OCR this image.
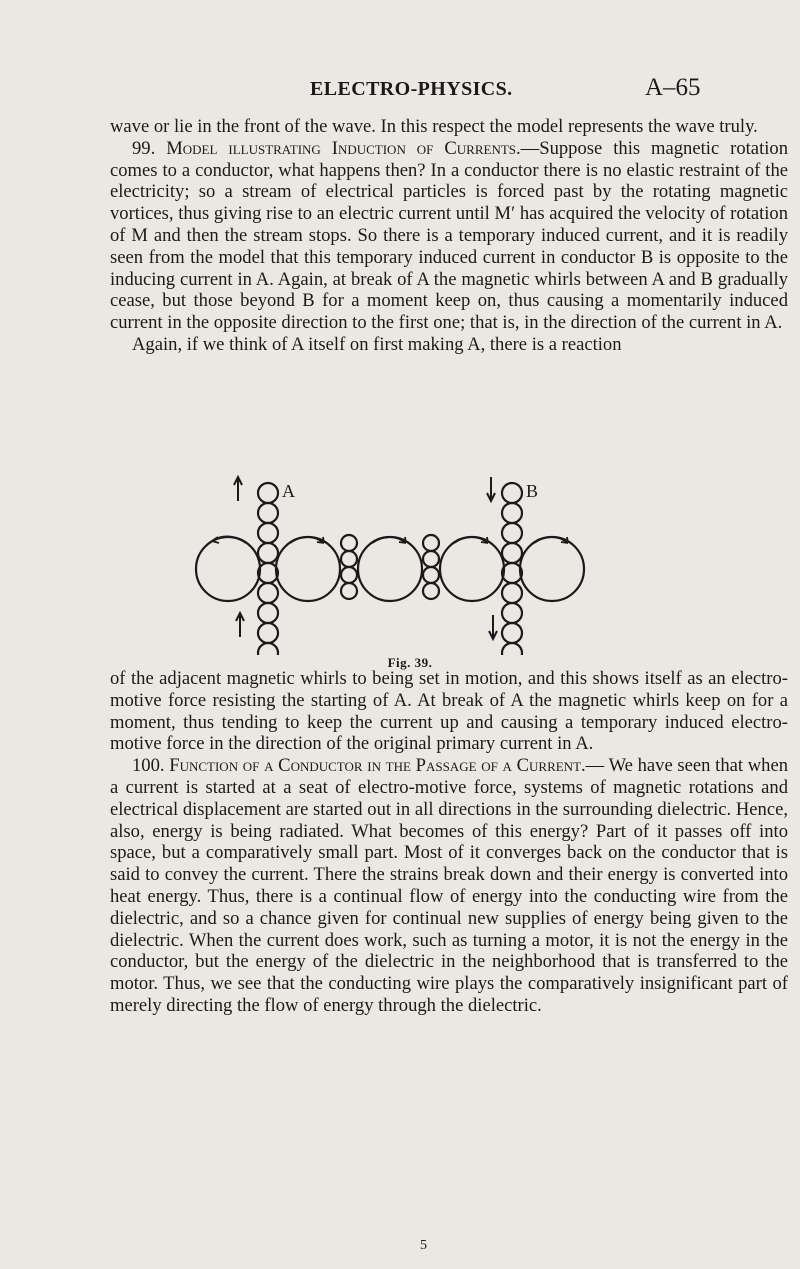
ELECTRO-PHYSICS.	A–65

wave or lie in the front of the wave. In this respect the model represents the wave truly.

99. Model illustrating Induction of Currents.—Suppose this magnetic rotation comes to a conductor, what happens then? In a conductor there is no elastic restraint of the electricity; so a stream of electrical particles is forced past by the rotating magnetic vortices, thus giving rise to an electric current until M′ has acquired the velocity of rotation of M and then the stream stops. So there is a temporary induced current, and it is readily seen from the model that this temporary induced current in conductor B is opposite to the inducing current in A. Again, at break of A the magnetic whirls between A and B gradually cease, but those beyond B for a moment keep on, thus causing a momentarily induced current in the opposite direction to the first one; that is, in the direction of the current in A.

Again, if we think of A itself on first making A, there is a reaction

A	B
Fig. 39.

of the adjacent magnetic whirls to being set in motion, and this shows itself as an electro-motive force resisting the starting of A. At break of A the magnetic whirls keep on for a moment, thus tending to keep the current up and causing a temporary induced electro-motive force in the direction of the original primary current in A.

100. Function of a Conductor in the Passage of a Current.— We have seen that when a current is started at a seat of electro-motive force, systems of magnetic rotations and electrical displacement are started out in all directions in the surrounding dielectric. Hence, also, energy is being radiated. What becomes of this energy? Part of it passes off into space, but a comparatively small part. Most of it converges back on the conductor that is said to convey the current. There the strains break down and their energy is converted into heat energy. Thus, there is a continual flow of energy into the conducting wire from the dielectric, and so a chance given for continual new supplies of energy being given to the dielectric. When the current does work, such as turning a motor, it is not the energy in the conductor, but the energy of the dielectric in the neighborhood that is transferred to the motor. Thus, we see that the conducting wire plays the comparatively insignificant part of merely directing the flow of energy through the dielectric.

5
